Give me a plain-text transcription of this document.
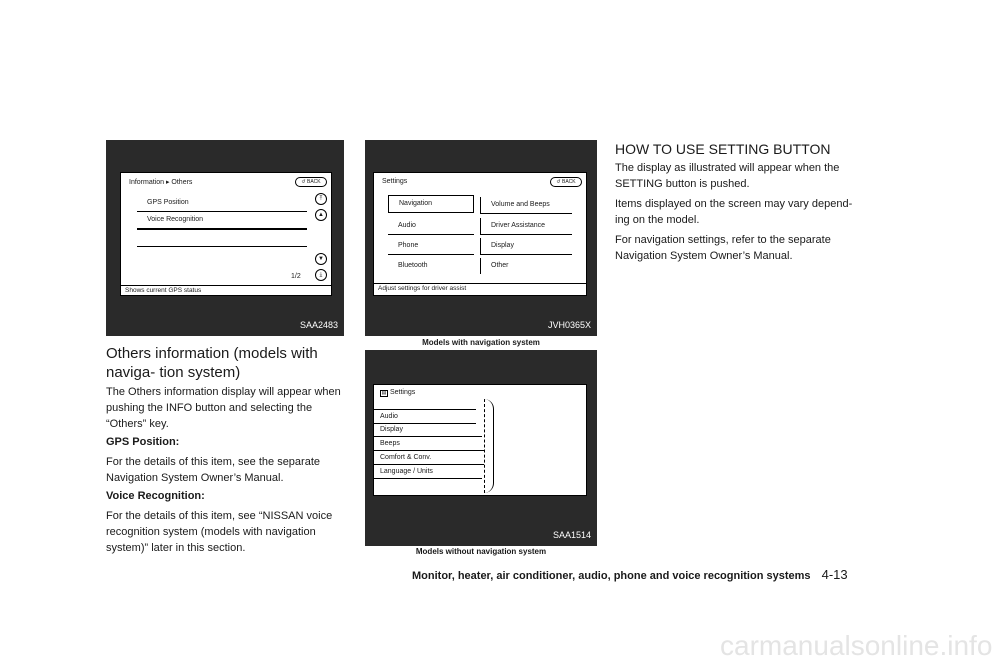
Information ▸ Others	↺ BACK
GPS Position
Voice Recognition
1/2
⤒
▲
▼
⤓
Shows current GPS status
SAA2483
Settings	↺ BACK
Navigation
Audio
Phone
Bluetooth
Volume and Beeps
Driver Assistance
Display
Other
Adjust settings for driver assist
JVH0365X
Models with navigation system
▤ Settings
Audio
Display
Beeps
Comfort & Conv.
Language / Units
SAA1514
Models without navigation system
Others information (models with naviga- tion system)
The Others information display will appear when pushing the INFO button and selecting the “Others” key.
GPS Position:
For the details of this item, see the separate Navigation System Owner’s Manual.
Voice Recognition:
For the details of this item, see “NISSAN voice recognition system (models with navigation system)” later in this section.
HOW TO USE SETTING BUTTON
The display as illustrated will appear when the SETTING button is pushed.
Items displayed on the screen may vary depend- ing on the model.
For navigation settings, refer to the separate Navigation System Owner’s Manual.
Monitor, heater, air conditioner, audio, phone and voice recognition systems 4-13
carmanualsonline.info
